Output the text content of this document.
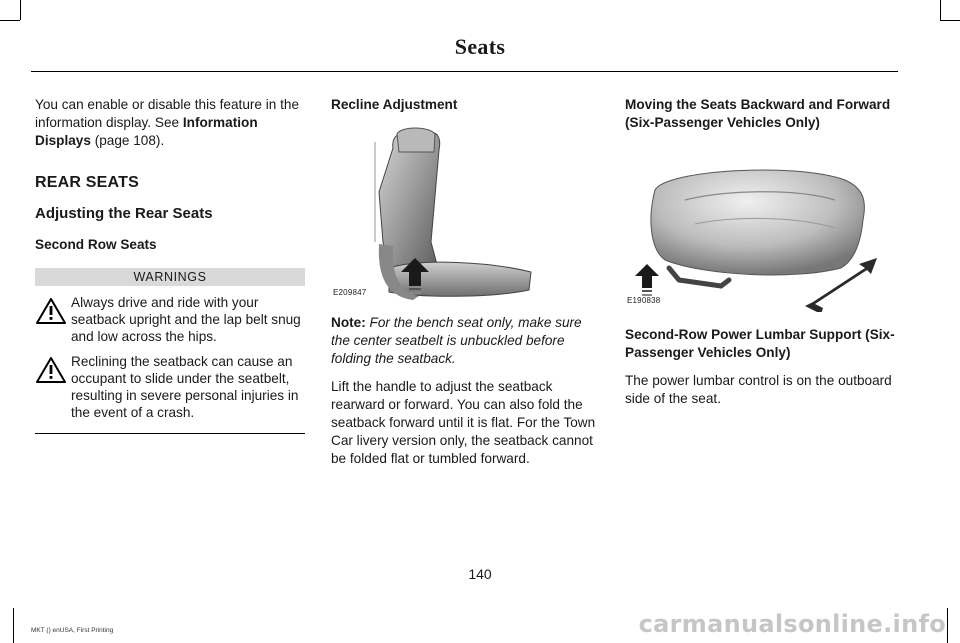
Seats

You can enable or disable this feature in the information display. See Information Displays (page 108).

REAR SEATS
Adjusting the Rear Seats
Second Row Seats
WARNINGS
Always drive and ride with your seatback upright and the lap belt snug and low across the hips.
Reclining the seatback can cause an occupant to slide under the seatbelt, resulting in severe personal injuries in the event of a crash.
Recline Adjustment
E209847

Note: For the bench seat only, make sure the center seatbelt is unbuckled before folding the seatback.

Lift the handle to adjust the seatback rearward or forward. You can also fold the seatback forward until it is flat. For the Town Car livery version only, the seatback cannot be folded flat or tumbled forward.

Moving the Seats Backward and Forward (Six-Passenger Vehicles Only)
E190838
Second-Row Power Lumbar Support (Six-Passenger Vehicles Only)

The power lumbar control is on the outboard side of the seat.

140
MKT () enUSA, First Printing	carmanualsonline.info
